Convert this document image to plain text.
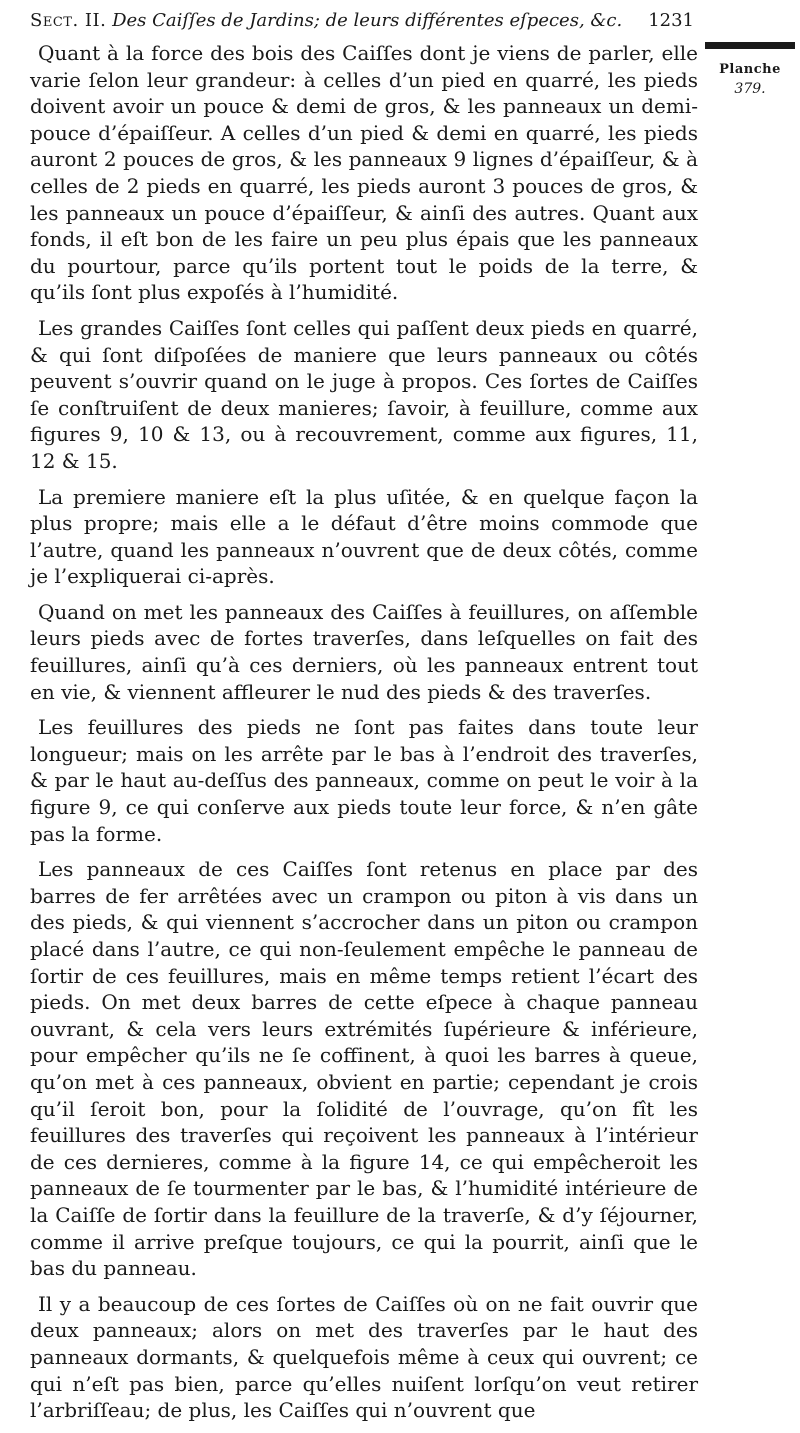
Sect. II. Des Caiſſes de Jardins; de leurs différentes eſpeces, &c. 1231
Planche
379.

Quant à la force des bois des Caiſſes dont je viens de parler, elle varie ſelon leur grandeur: à celles d’un pied en quarré, les pieds doivent avoir un pouce & demi de gros, & les panneaux un demi-pouce d’épaiſſeur. A celles d’un pied & demi en quarré, les pieds auront 2 pouces de gros, & les panneaux 9 lignes d’épaiſſeur, & à celles de 2 pieds en quarré, les pieds auront 3 pouces de gros, & les panneaux un pouce d’épaiſſeur, & ainſi des autres. Quant aux fonds, il eſt bon de les faire un peu plus épais que les panneaux du pourtour, parce qu’ils portent tout le poids de la terre, & qu’ils ſont plus expoſés à l’humidité.

Les grandes Caiſſes ſont celles qui paſſent deux pieds en quarré, & qui ſont diſpoſées de maniere que leurs panneaux ou côtés peuvent s’ouvrir quand on le juge à propos. Ces ſortes de Caiſſes ſe conſtruiſent de deux manieres; ſavoir, à feuillure, comme aux figures 9, 10 & 13, ou à recouvrement, comme aux figures, 11, 12 & 15.

La premiere maniere eſt la plus uſitée, & en quelque façon la plus propre; mais elle a le défaut d’être moins commode que l’autre, quand les panneaux n’ouvrent que de deux côtés, comme je l’expliquerai ci-après.

Quand on met les panneaux des Caiſſes à feuillures, on aſſemble leurs pieds avec de fortes traverſes, dans leſquelles on fait des feuillures, ainſi qu’à ces derniers, où les panneaux entrent tout en vie, & viennent affleurer le nud des pieds & des traverſes.

Les feuillures des pieds ne ſont pas faites dans toute leur longueur; mais on les arrête par le bas à l’endroit des traverſes, & par le haut au-deſſus des panneaux, comme on peut le voir à la figure 9, ce qui conſerve aux pieds toute leur force, & n’en gâte pas la forme.

Les panneaux de ces Caiſſes ſont retenus en place par des barres de fer arrêtées avec un crampon ou piton à vis dans un des pieds, & qui viennent s’accrocher dans un piton ou crampon placé dans l’autre, ce qui non-ſeulement empêche le panneau de ſortir de ces feuillures, mais en même temps retient l’écart des pieds. On met deux barres de cette eſpece à chaque panneau ouvrant, & cela vers leurs extrémités ſupérieure & inférieure, pour empêcher qu’ils ne ſe coffinent, à quoi les barres à queue, qu’on met à ces panneaux, obvient en partie; cependant je crois qu’il ſeroit bon, pour la ſolidité de l’ouvrage, qu’on fît les feuillures des traverſes qui reçoivent les panneaux à l’intérieur de ces dernieres, comme à la figure 14, ce qui empêcheroit les panneaux de ſe tourmenter par le bas, & l’humidité intérieure de la Caiſſe de ſortir dans la feuillure de la traverſe, & d’y ſéjourner, comme il arrive preſque toujours, ce qui la pourrit, ainſi que le bas du panneau.

Il y a beaucoup de ces ſortes de Caiſſes où on ne fait ouvrir que deux panneaux; alors on met des traverſes par le haut des panneaux dormants, & quelquefois même à ceux qui ouvrent; ce qui n’eſt pas bien, parce qu’elles nuiſent lorſqu’on veut retirer l’arbriſſeau; de plus, les Caiſſes qui n’ouvrent que
